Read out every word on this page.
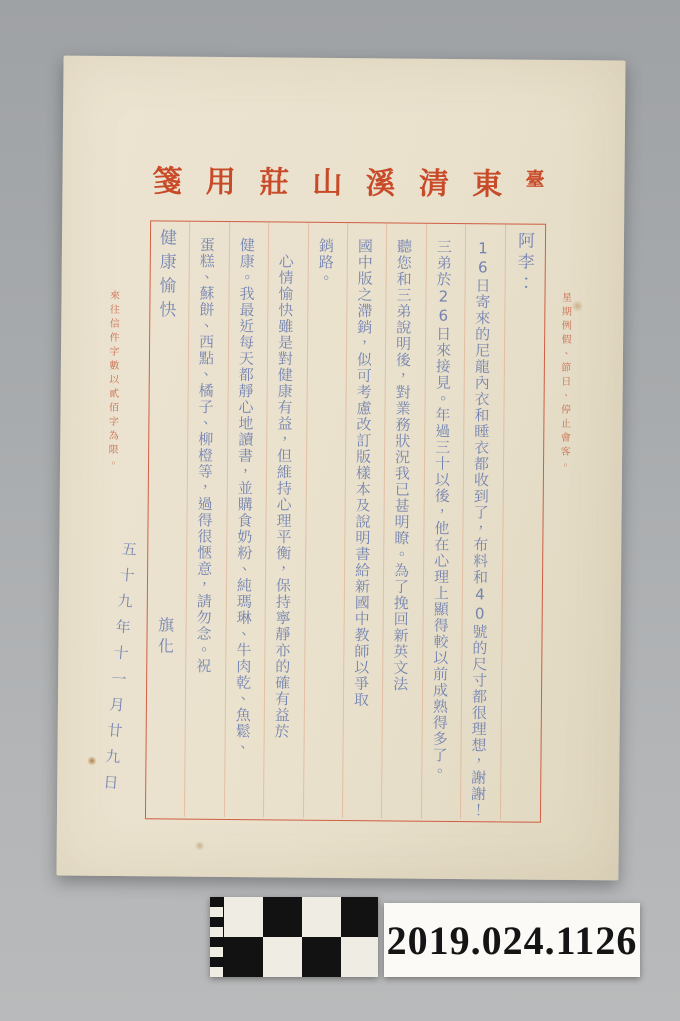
箋 用 莊 山 溪 清 東 臺
星期例假、節日、停止會客。
來往信件字數以貳佰字為限。
阿李：
16日寄來的尼龍內衣和睡衣都收到了，布料和40號的尺寸都很理想，謝謝！
三弟於26日來接見。年過三十以後，他在心理上顯得較以前成熟得多了。
聽您和三弟說明後，對業務狀況我已甚明瞭。為了挽回新英文法
國中版之滯銷，似可考慮改訂版樣本及說明書給新國中教師以爭取
銷路。
心情愉快雖是對健康有益，但維持心理平衡，保持寧靜亦的確有益於
健康。我最近每天都靜心地讀書，並購食奶粉、純瑪琳、牛肉乾、魚鬆、
蛋糕、蘇餅、西點、橘子、柳橙等，過得很愜意，請勿念。祝
健康愉快
旗化
五十九年十一月廿九日
2019.024.1126
